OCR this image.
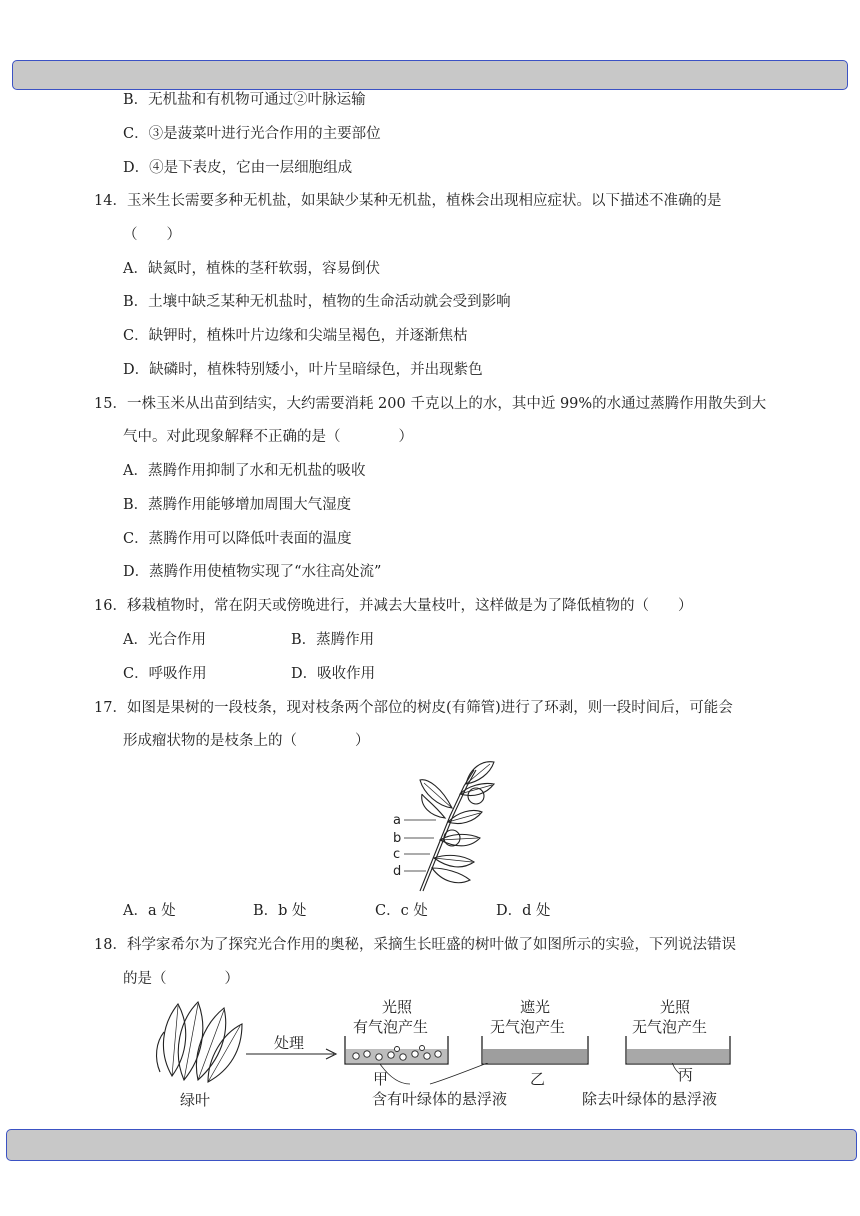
B．无机盐和有机物可通过②叶脉运输
C．③是菠菜叶进行光合作用的主要部位
D．④是下表皮，它由一层细胞组成
14．玉米生长需要多种无机盐，如果缺少某种无机盐，植株会出现相应症状。以下描述不准确的是
（　　）
A．缺氮时，植株的茎秆软弱，容易倒伏
B．土壤中缺乏某种无机盐时，植物的生命活动就会受到影响
C．缺钾时，植株叶片边缘和尖端呈褐色，并逐渐焦枯
D．缺磷时，植株特别矮小，叶片呈暗绿色，并出现紫色
15．一株玉米从出苗到结实，大约需要消耗 200 千克以上的水，其中近 99%的水通过蒸腾作用散失到大
气中。对此现象解释不正确的是（　　　　）
A．蒸腾作用抑制了水和无机盐的吸收
B．蒸腾作用能够增加周围大气湿度
C．蒸腾作用可以降低叶表面的温度
D．蒸腾作用使植物实现了“水往高处流”
16．移栽植物时，常在阴天或傍晚进行，并减去大量枝叶，这样做是为了降低植物的（　　）
A．光合作用	B．蒸腾作用
C．呼吸作用	D．吸收作用
17．如图是果树的一段枝条，现对枝条两个部位的树皮(有筛管)进行了环剥，则一段时间后，可能会
形成瘤状物的是枝条上的（　　　　）
a
b
c
d
A．a 处	B．b 处	C．c 处	D．d 处
18．科学家希尔为了探究光合作用的奥秘，采摘生长旺盛的树叶做了如图所示的实验，下列说法错误
的是（　　　　）
绿叶
处理
光照
有气泡产生
甲
遮光
无气泡产生
乙
光照
无气泡产生
丙
含有叶绿体的悬浮液	除去叶绿体的悬浮液
